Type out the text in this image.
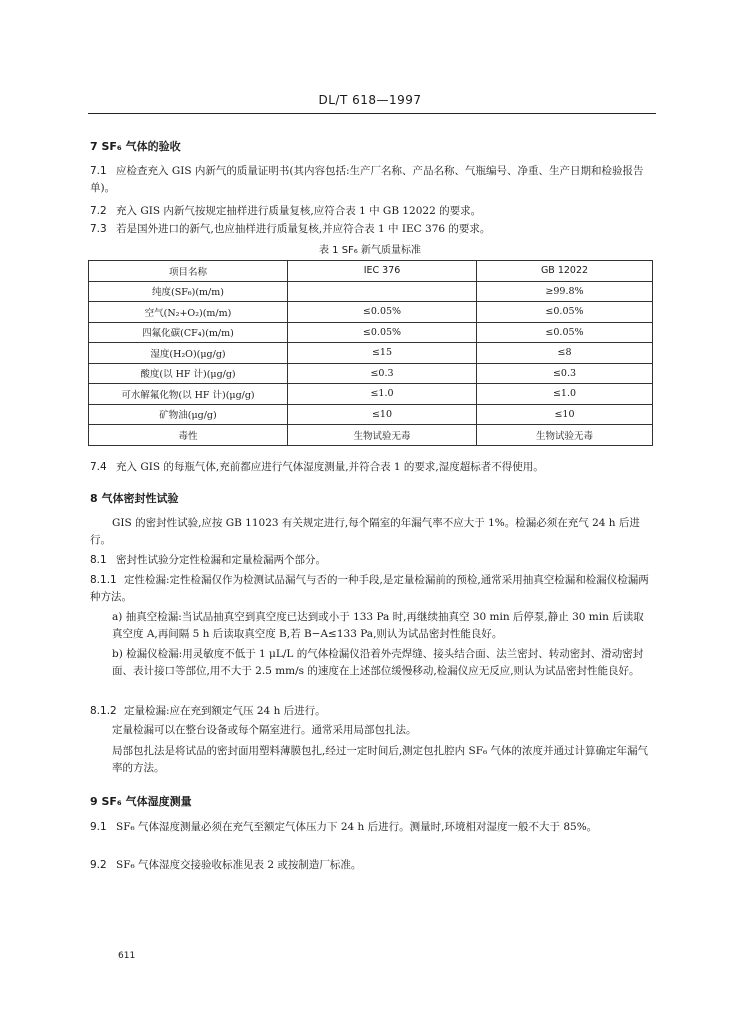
DL/T 618—1997
7 SF₆ 气体的验收
7.1 应检查充入 GIS 内新气的质量证明书(其内容包括:生产厂名称、产品名称、气瓶编号、净重、生产日期和检验报告单)。
7.2 充入 GIS 内新气按规定抽样进行质量复核,应符合表 1 中 GB 12022 的要求。
7.3 若是国外进口的新气,也应抽样进行质量复核,并应符合表 1 中 IEC 376 的要求。
表 1 SF₆ 新气质量标准
项目名称	IEC 376	GB 12022
纯度(SF₆)(m/m)		≥99.8%
空气(N₂+O₂)(m/m)	≤0.05%	≤0.05%
四氟化碳(CF₄)(m/m)	≤0.05%	≤0.05%
湿度(H₂O)(μg/g)	≤15	≤8
酸度(以 HF 计)(μg/g)	≤0.3	≤0.3
可水解氟化物(以 HF 计)(μg/g)	≤1.0	≤1.0
矿物油(μg/g)	≤10	≤10
毒性	生物试验无毒	生物试验无毒
7.4 充入 GIS 的每瓶气体,充前都应进行气体湿度测量,并符合表 1 的要求,湿度超标者不得使用。
8 气体密封性试验
GIS 的密封性试验,应按 GB 11023 有关规定进行,每个隔室的年漏气率不应大于 1%。检漏必须在充气 24 h 后进行。
8.1 密封性试验分定性检漏和定量检漏两个部分。
8.1.1 定性检漏:定性检漏仅作为检测试品漏气与否的一种手段,是定量检漏前的预检,通常采用抽真空检漏和检漏仪检漏两种方法。
a) 抽真空检漏:当试品抽真空到真空度已达到或小于 133 Pa 时,再继续抽真空 30 min 后停泵,静止 30 min 后读取真空度 A,再间隔 5 h 后读取真空度 B,若 B−A≤133 Pa,则认为试品密封性能良好。
b) 检漏仪检漏:用灵敏度不低于 1 μL/L 的气体检漏仪沿着外壳焊缝、接头结合面、法兰密封、转动密封、滑动密封面、表计接口等部位,用不大于 2.5 mm/s 的速度在上述部位缓慢移动,检漏仪应无反应,则认为试品密封性能良好。
8.1.2 定量检漏:应在充到额定气压 24 h 后进行。
定量检漏可以在整台设备或每个隔室进行。通常采用局部包扎法。
局部包扎法是将试品的密封面用塑料薄膜包扎,经过一定时间后,测定包扎腔内 SF₆ 气体的浓度并通过计算确定年漏气率的方法。
9 SF₆ 气体湿度测量
9.1 SF₆ 气体湿度测量必须在充气至额定气体压力下 24 h 后进行。测量时,环境相对湿度一般不大于 85%。
9.2 SF₆ 气体湿度交接验收标准见表 2 或按制造厂标准。
611
